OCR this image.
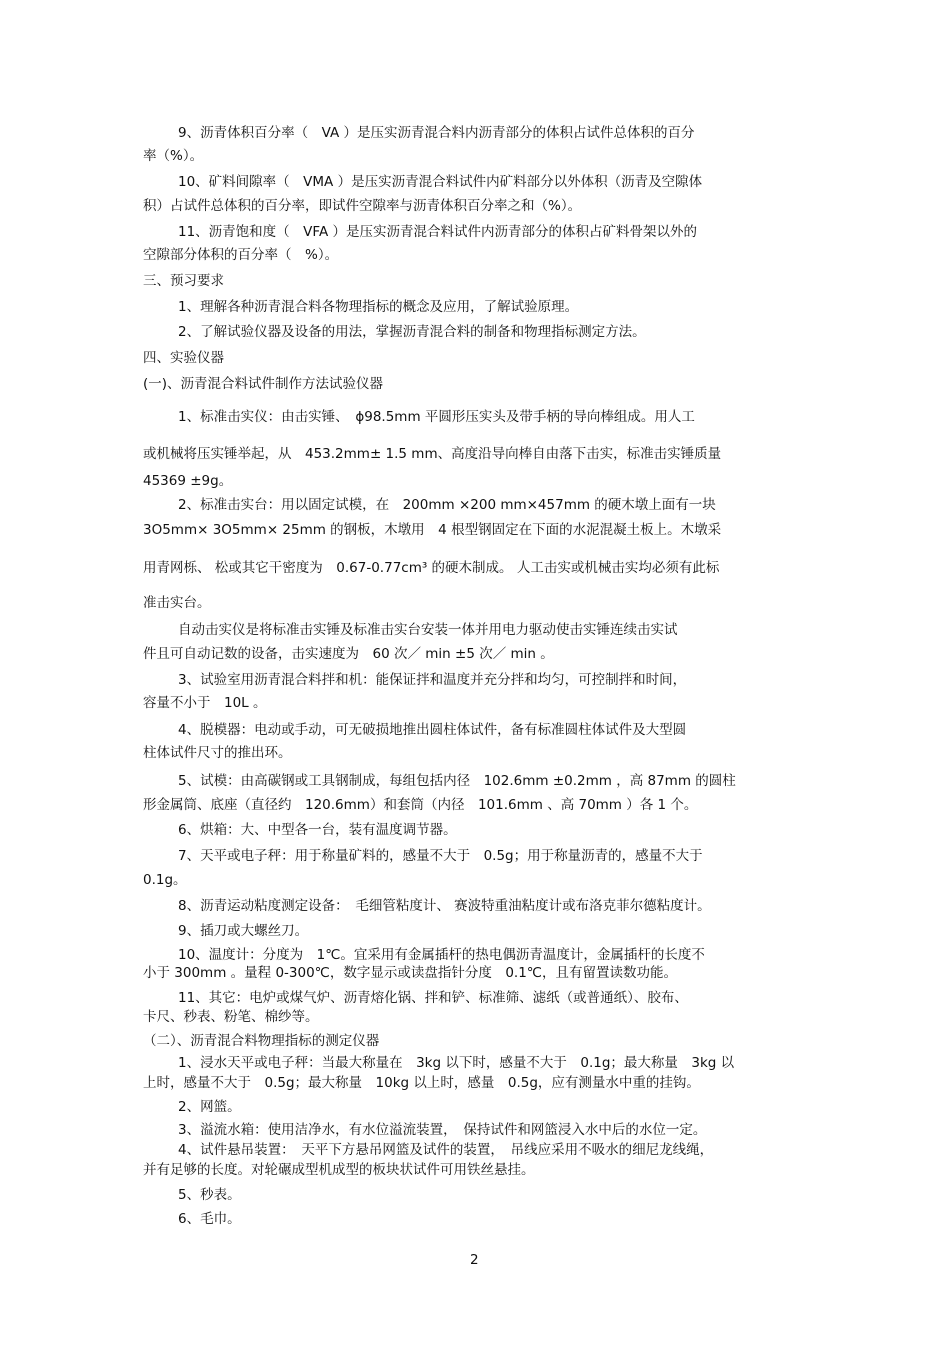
9、沥青体积百分率（　VA ）是压实沥青混合料内沥青部分的体积占试件总体积的百分
率（%）。
10、矿料间隙率（　VMA ）是压实沥青混合料试件内矿料部分以外体积（沥青及空隙体
积）占试件总体积的百分率，即试件空隙率与沥青体积百分率之和（%）。
11、沥青饱和度（　VFA ）是压实沥青混合料试件内沥青部分的体积占矿料骨架以外的
空隙部分体积的百分率（　%）。
三、预习要求
1、理解各种沥青混合料各物理指标的概念及应用，了解试验原理。
2、了解试验仪器及设备的用法，掌握沥青混合料的制备和物理指标测定方法。
四、实验仪器
(一)、沥青混合料试件制作方法试验仪器
1、标准击实仪：由击实锤、　ϕ98.5mm 平圆形压实头及带手柄的导向棒组成。用人工
或机械将压实锤举起，从　453.2mm± 1.5 mm、高度沿导向棒自由落下击实，标准击实锤质量
45369 ±9g。
2、标准击实台：用以固定试模，在　200mm ×200 mm×457mm 的硬木墩上面有一块
3O5mm× 3O5mm× 25mm 的钢板，木墩用　4 根型钢固定在下面的水泥混凝土板上。木墩采
用青网栎、 松或其它干密度为　0.67-0.77cm³ 的硬木制成。 人工击实或机械击实均必须有此标
准击实台。
自动击实仪是将标准击实锤及标准击实台安装一体并用电力驱动使击实锤连续击实试
件且可自动记数的设备，击实速度为　60 次／ min ±5 次／ min 。
3、试验室用沥青混合料拌和机：能保证拌和温度并充分拌和均匀，可控制拌和时间，
容量不小于　10L 。
4、脱模器：电动或手动，可无破损地推出圆柱体试件，备有标准圆柱体试件及大型圆
柱体试件尺寸的推出环。
5、试模：由高碳钢或工具钢制成，每组包括内径　102.6mm ±0.2mm ，高 87mm 的圆柱
形金属筒、底座（直径约　120.6mm）和套筒（内径　101.6mm 、高 70mm ）各 1 个。
6、烘箱：大、中型各一台，装有温度调节器。
7、天平或电子秤：用于称量矿料的，感量不大于　0.5g；用于称量沥青的，感量不大于
0.1g。
8、沥青运动粘度测定设备：　毛细管粘度计、 赛波特重油粘度计或布洛克菲尔德粘度计。
9、插刀或大螺丝刀。
10、温度计：分度为　1℃。宜采用有金属插杆的热电偶沥青温度计，金属插杆的长度不
小于 300mm 。量程 0-300℃，数字显示或读盘指针分度　0.1℃，且有留置读数功能。
11、其它：电炉或煤气炉、沥青熔化锅、拌和铲、标准筛、滤纸（或普通纸）、胶布、
卡尺、秒表、粉笔、棉纱等。
（二）、沥青混合料物理指标的测定仪器
1、浸水天平或电子秤：当最大称量在　3kg 以下时，感量不大于　0.1g；最大称量　3kg 以
上时，感量不大于　0.5g；最大称量　10kg 以上时，感量　0.5g，应有测量水中重的挂钩。
2、网篮。
3、溢流水箱：使用洁净水，有水位溢流装置，　保持试件和网篮浸入水中后的水位一定。
4、试件悬吊装置：　天平下方悬吊网篮及试件的装置，　吊线应采用不吸水的细尼龙线绳，
并有足够的长度。对轮碾成型机成型的板块状试件可用铁丝悬挂。
5、秒表。
6、毛巾。
2
